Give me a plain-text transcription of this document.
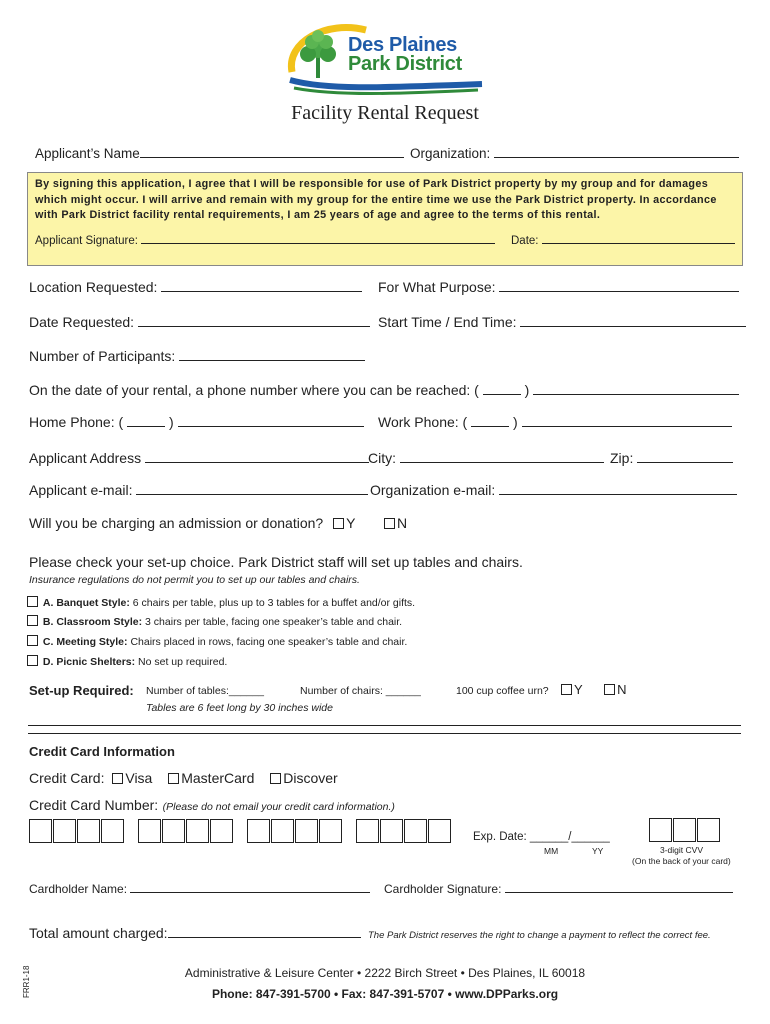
Des Plaines
Park District
Facility Rental Request
Applicant’s Name	Organization:
By signing this application, I agree that I will be responsible for use of Park District property by my group and for damages which might occur. I will arrive and remain with my group for the entire time we use the Park District property. In accordance with Park District facility rental requirements, I am 25 years of age and agree to the terms of this rental.
Applicant Signature:	Date:
Location Requested:	For What Purpose:
Date Requested:	Start Time / End Time:
Number of Participants:
On the date of your rental, a phone number where you can be reached: (	)
Home Phone: (	)	Work Phone: (	)
Applicant Address	City:	Zip:
Applicant e-mail:	Organization e-mail:
Will you be charging an admission or donation? Y	N
Please check your set-up choice. Park District staff will set up tables and chairs.
Insurance regulations do not permit you to set up our tables and chairs.
A. Banquet Style: 6 chairs per table, plus up to 3 tables for a buffet and/or gifts.
B. Classroom Style: 3 chairs per table, facing one speaker’s table and chair.
C. Meeting Style: Chairs placed in rows, facing one speaker’s table and chair.
D. Picnic Shelters: No set up required.
Set-up Required: Number of tables:______	Number of chairs: ______	100 cup coffee urn?	Y	N
Tables are 6 feet long by 30 inches wide
Credit Card Information
Credit Card: Visa MasterCard Discover
Credit Card Number: (Please do not email your credit card information.)
Exp. Date: ______/______
MM	YY	3-digit CVV
(On the back of your card)
Cardholder Name:	Cardholder Signature:
Total amount charged:	The Park District reserves the right to change a payment to reflect the correct fee.
FRR1-18	Administrative & Leisure Center • 2222 Birch Street • Des Plaines, IL 60018
Phone: 847-391-5700 • Fax: 847-391-5707 • www.DPParks.org
